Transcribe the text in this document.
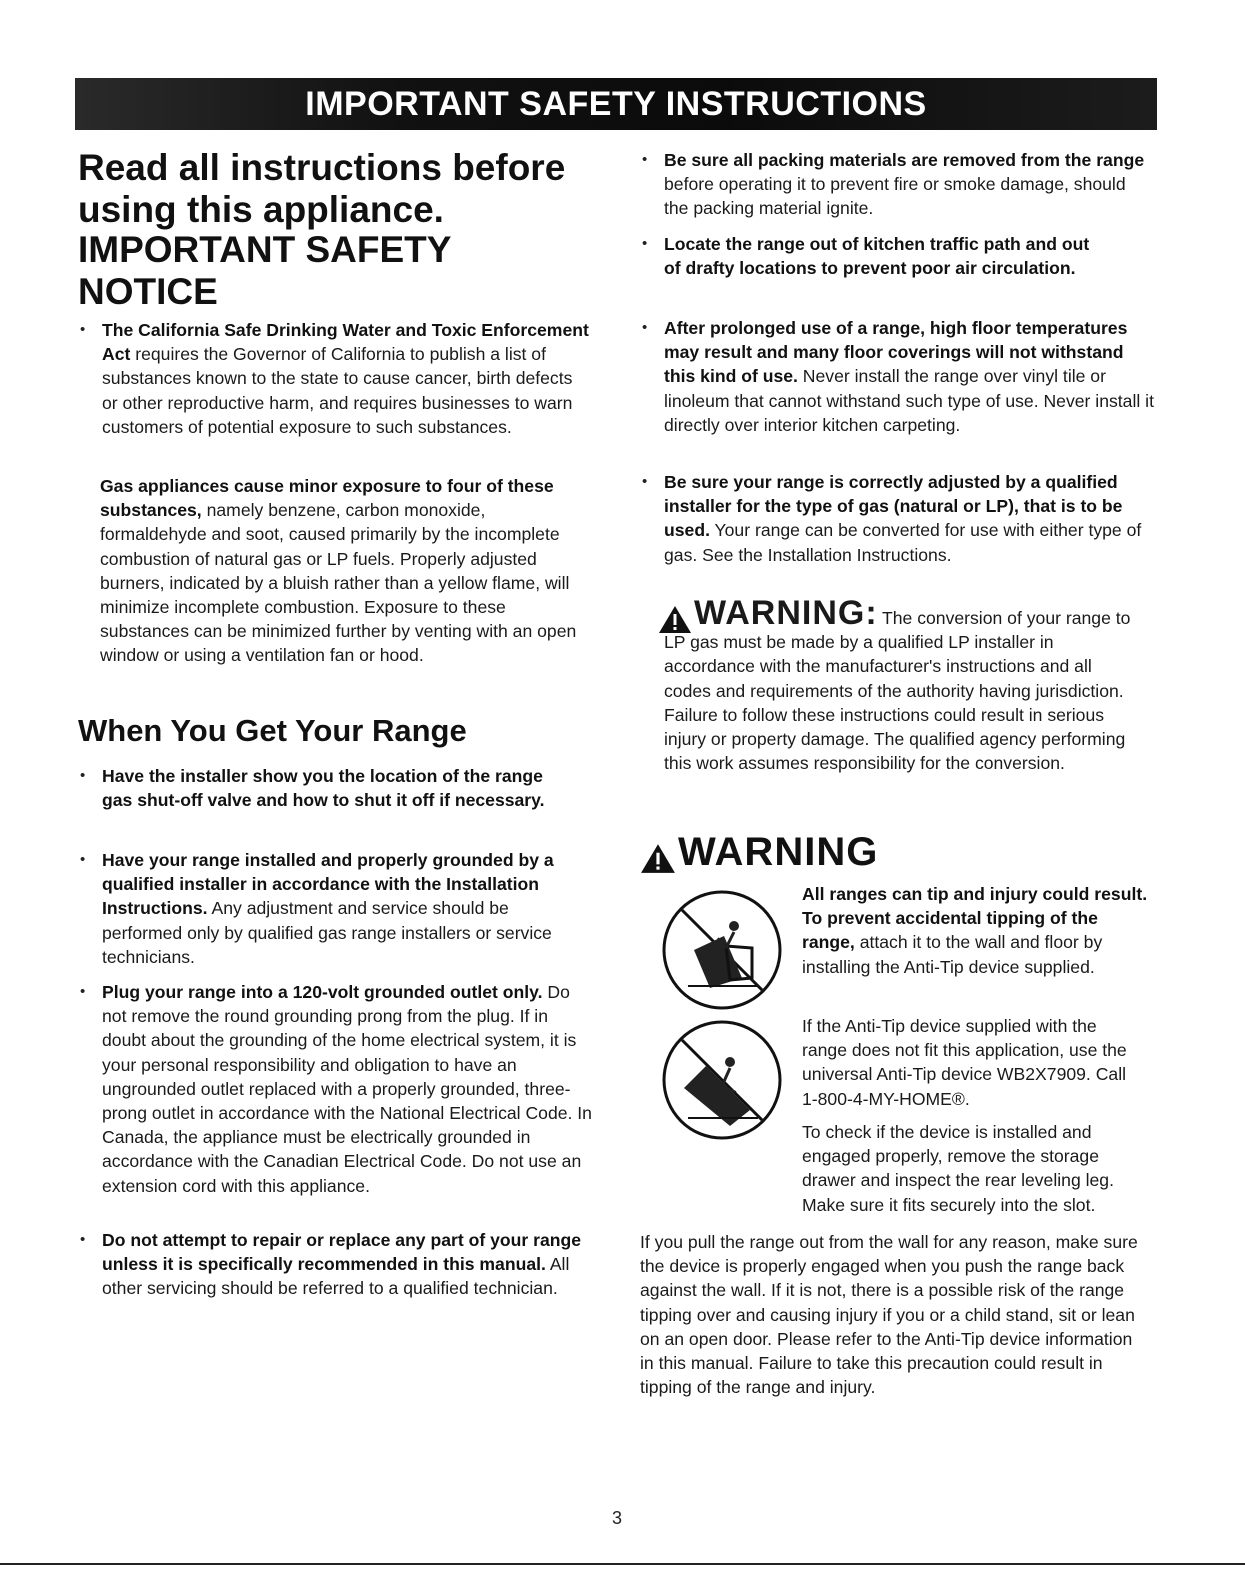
IMPORTANT SAFETY INSTRUCTIONS
Read all instructions before
using this appliance.
IMPORTANT SAFETY
NOTICE

• The California Safe Drinking Water and Toxic Enforcement Act requires the Governor of California to publish a list of substances known to the state to cause cancer, birth defects or other reproductive harm, and requires businesses to warn customers of potential exposure to such substances.

Gas appliances cause minor exposure to four of these substances, namely benzene, carbon monoxide, formaldehyde and soot, caused primarily by the incomplete combustion of natural gas or LP fuels. Properly adjusted burners, indicated by a bluish rather than a yellow flame, will minimize incomplete combustion. Exposure to these substances can be minimized further by venting with an open window or using a ventilation fan or hood.

When You Get Your Range

• Have the installer show you the location of the range gas shut-off valve and how to shut it off if necessary.

• Have your range installed and properly grounded by a qualified installer in accordance with the Installation Instructions. Any adjustment and service should be performed only by qualified gas range installers or service technicians.

• Plug your range into a 120-volt grounded outlet only. Do not remove the round grounding prong from the plug. If in doubt about the grounding of the home electrical system, it is your personal responsibility and obligation to have an ungrounded outlet replaced with a properly grounded, three-prong outlet in accordance with the National Electrical Code. In Canada, the appliance must be electrically grounded in accordance with the Canadian Electrical Code. Do not use an extension cord with this appliance.

• Do not attempt to repair or replace any part of your range unless it is specifically recommended in this manual. All other servicing should be referred to a qualified technician.

• Be sure all packing materials are removed from the range before operating it to prevent fire or smoke damage, should the packing material ignite.

• Locate the range out of kitchen traffic path and out of drafty locations to prevent poor air circulation.

• After prolonged use of a range, high floor temperatures may result and many floor coverings will not withstand this kind of use. Never install the range over vinyl tile or linoleum that cannot withstand such type of use. Never install it directly over interior kitchen carpeting.

• Be sure your range is correctly adjusted by a qualified installer for the type of gas (natural or LP), that is to be used. Your range can be converted for use with either type of gas. See the Installation Instructions.

WARNING: The conversion of your range to LP gas must be made by a qualified LP installer in accordance with the manufacturer's instructions and all codes and requirements of the authority having jurisdiction. Failure to follow these instructions could result in serious injury or property damage. The qualified agency performing this work assumes responsibility for the conversion.

WARNING

All ranges can tip and injury could result. To prevent accidental tipping of the range, attach it to the wall and floor by installing the Anti-Tip device supplied.

If the Anti-Tip device supplied with the range does not fit this application, use the universal Anti-Tip device WB2X7909. Call 1-800-4-MY-HOME®.

To check if the device is installed and engaged properly, remove the storage drawer and inspect the rear leveling leg. Make sure it fits securely into the slot.

If you pull the range out from the wall for any reason, make sure the device is properly engaged when you push the range back against the wall. If it is not, there is a possible risk of the range tipping over and causing injury if you or a child stand, sit or lean on an open door. Please refer to the Anti-Tip device information in this manual. Failure to take this precaution could result in tipping of the range and injury.

3
